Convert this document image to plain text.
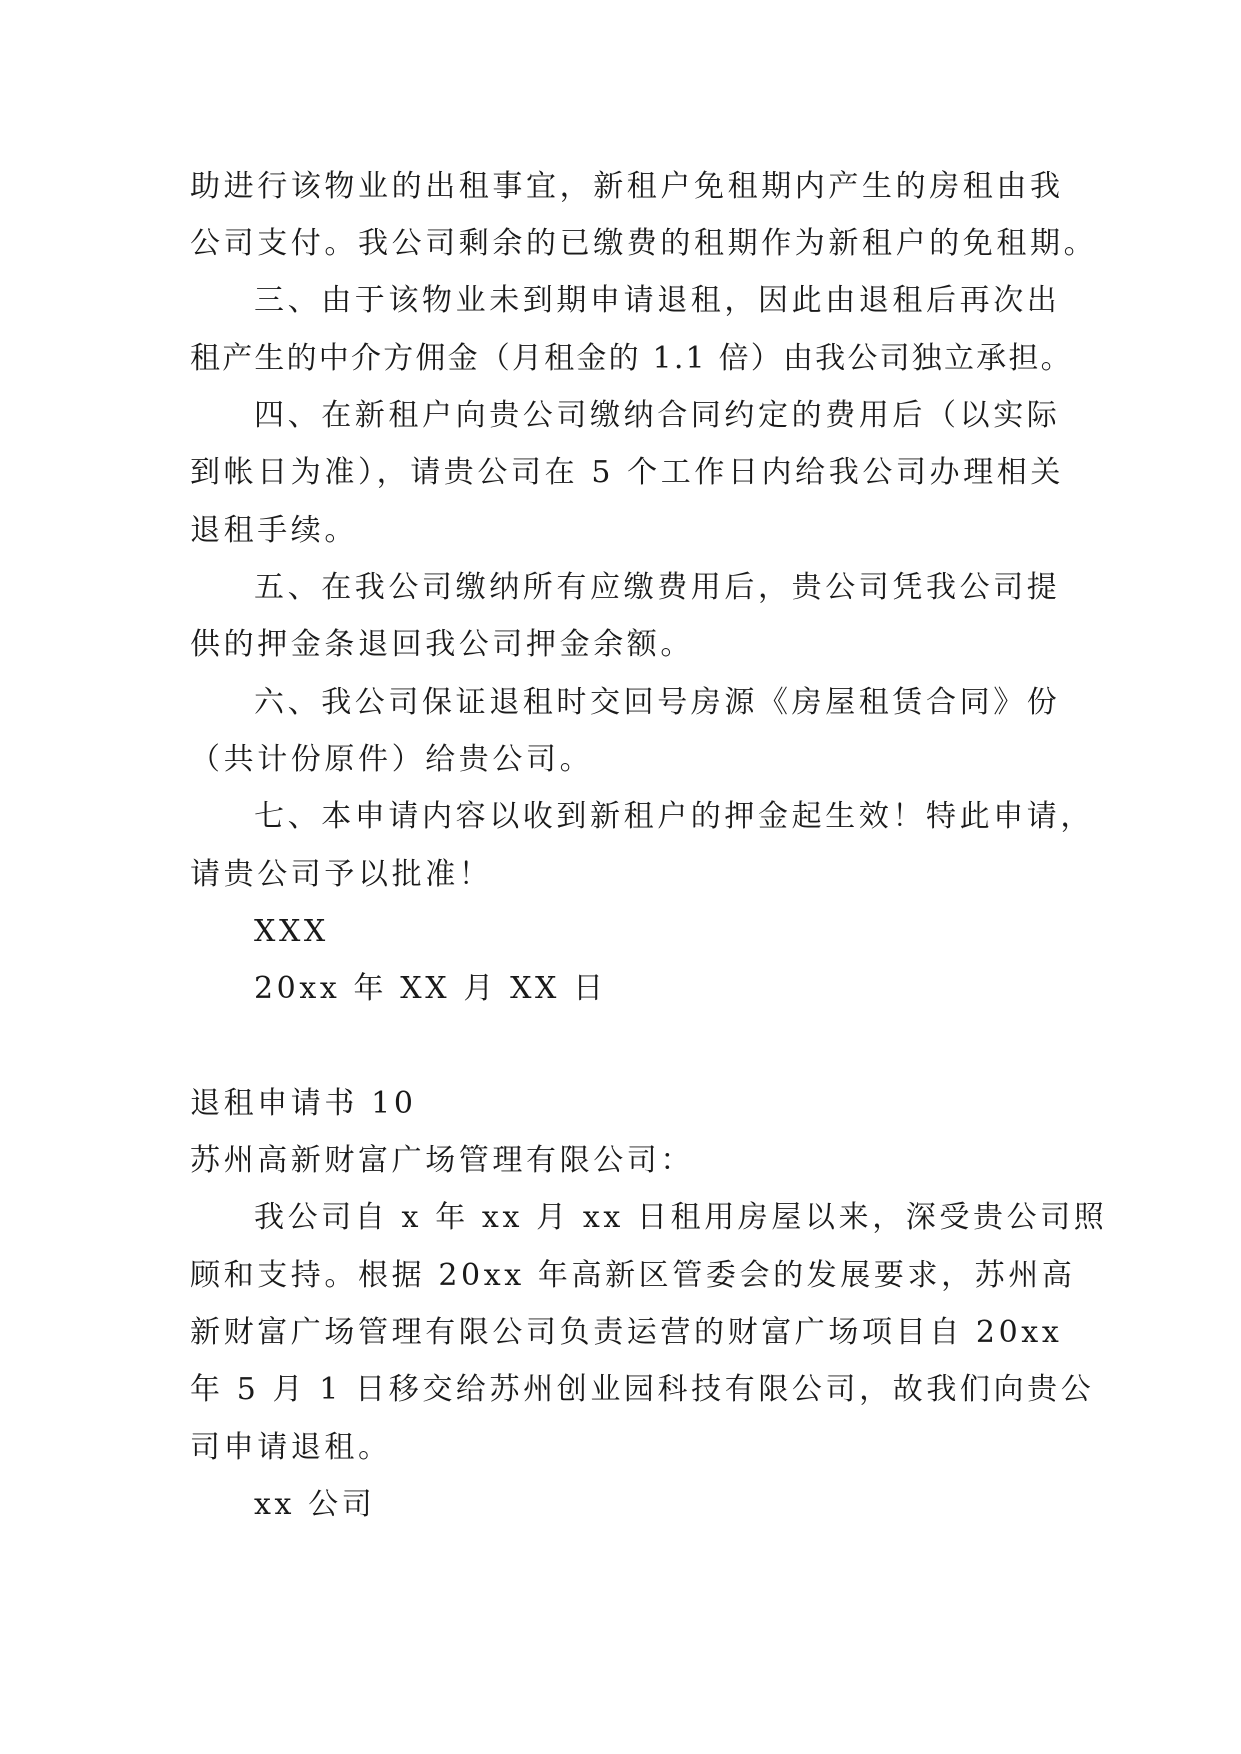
助进行该物业的出租事宜，新租户免租期内产生的房租由我
公司支付。我公司剩余的已缴费的租期作为新租户的免租期。
三、由于该物业未到期申请退租，因此由退租后再次出
租产生的中介方佣金（月租金的 1.1 倍）由我公司独立承担。
四、在新租户向贵公司缴纳合同约定的费用后（以实际
到帐日为准），请贵公司在 5 个工作日内给我公司办理相关
退租手续。
五、在我公司缴纳所有应缴费用后，贵公司凭我公司提
供的押金条退回我公司押金余额。
六、我公司保证退租时交回号房源《房屋租赁合同》份
（共计份原件）给贵公司。
七、本申请内容以收到新租户的押金起生效！特此申请，
请贵公司予以批准！
XXX
20xx 年 XX 月 XX 日
退租申请书 10
苏州高新财富广场管理有限公司：
我公司自 x 年 xx 月 xx 日租用房屋以来，深受贵公司照
顾和支持。根据 20xx 年高新区管委会的发展要求，苏州高
新财富广场管理有限公司负责运营的财富广场项目自 20xx
年 5 月 1 日移交给苏州创业园科技有限公司，故我们向贵公
司申请退租。
xx 公司
